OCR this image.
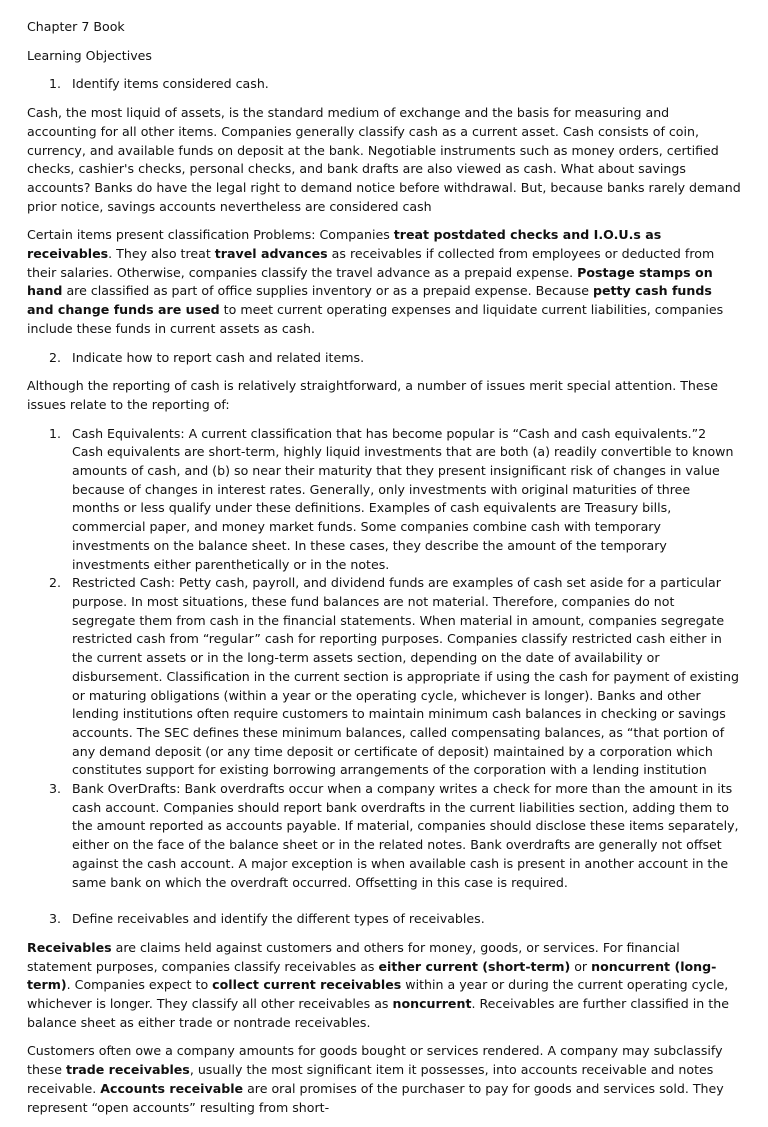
Chapter 7 Book

Learning Objectives

1. Identify items considered cash.

Cash, the most liquid of assets, is the standard medium of exchange and the basis for measuring and accounting for all other items. Companies generally classify cash as a current asset. Cash consists of coin, currency, and available funds on deposit at the bank. Negotiable instruments such as money orders, certified checks, cashier's checks, personal checks, and bank drafts are also viewed as cash. What about savings accounts? Banks do have the legal right to demand notice before withdrawal. But, because banks rarely demand prior notice, savings accounts nevertheless are considered cash

Certain items present classification Problems: Companies treat postdated checks and I.O.U.s as receivables. They also treat travel advances as receivables if collected from employees or deducted from their salaries. Otherwise, companies classify the travel advance as a prepaid expense. Postage stamps on hand are classified as part of office supplies inventory or as a prepaid expense. Because petty cash funds and change funds are used to meet current operating expenses and liquidate current liabilities, companies include these funds in current assets as cash.

2. Indicate how to report cash and related items.

Although the reporting of cash is relatively straightforward, a number of issues merit special attention. These issues relate to the reporting of:

1. Cash Equivalents: A current classification that has become popular is “Cash and cash equivalents.”2 Cash equivalents are short-term, highly liquid investments that are both (a) readily convertible to known amounts of cash, and (b) so near their maturity that they present insignificant risk of changes in value because of changes in interest rates. Generally, only investments with original maturities of three months or less qualify under these definitions. Examples of cash equivalents are Treasury bills, commercial paper, and money market funds. Some companies combine cash with temporary investments on the balance sheet. In these cases, they describe the amount of the temporary investments either parenthetically or in the notes.
2. Restricted Cash: Petty cash, payroll, and dividend funds are examples of cash set aside for a particular purpose. In most situations, these fund balances are not material. Therefore, companies do not segregate them from cash in the financial statements. When material in amount, companies segregate restricted cash from “regular” cash for reporting purposes. Companies classify restricted cash either in the current assets or in the long-term assets section, depending on the date of availability or disbursement. Classification in the current section is appropriate if using the cash for payment of existing or maturing obligations (within a year or the operating cycle, whichever is longer). Banks and other lending institutions often require customers to maintain minimum cash balances in checking or savings accounts. The SEC defines these minimum balances, called compensating balances, as “that portion of any demand deposit (or any time deposit or certificate of deposit) maintained by a corporation which constitutes support for existing borrowing arrangements of the corporation with a lending institution
3. Bank OverDrafts: Bank overdrafts occur when a company writes a check for more than the amount in its cash account. Companies should report bank overdrafts in the current liabilities section, adding them to the amount reported as accounts payable. If material, companies should disclose these items separately, either on the face of the balance sheet or in the related notes. Bank overdrafts are generally not offset against the cash account. A major exception is when available cash is present in another account in the same bank on which the overdraft occurred. Offsetting in this case is required.

3. Define receivables and identify the different types of receivables.

Receivables are claims held against customers and others for money, goods, or services. For financial statement purposes, companies classify receivables as either current (short-term) or noncurrent (long-term). Companies expect to collect current receivables within a year or during the current operating cycle, whichever is longer. They classify all other receivables as noncurrent. Receivables are further classified in the balance sheet as either trade or nontrade receivables.

Customers often owe a company amounts for goods bought or services rendered. A company may subclassify these trade receivables, usually the most significant item it possesses, into accounts receivable and notes receivable. Accounts receivable are oral promises of the purchaser to pay for goods and services sold. They represent “open accounts” resulting from short-
